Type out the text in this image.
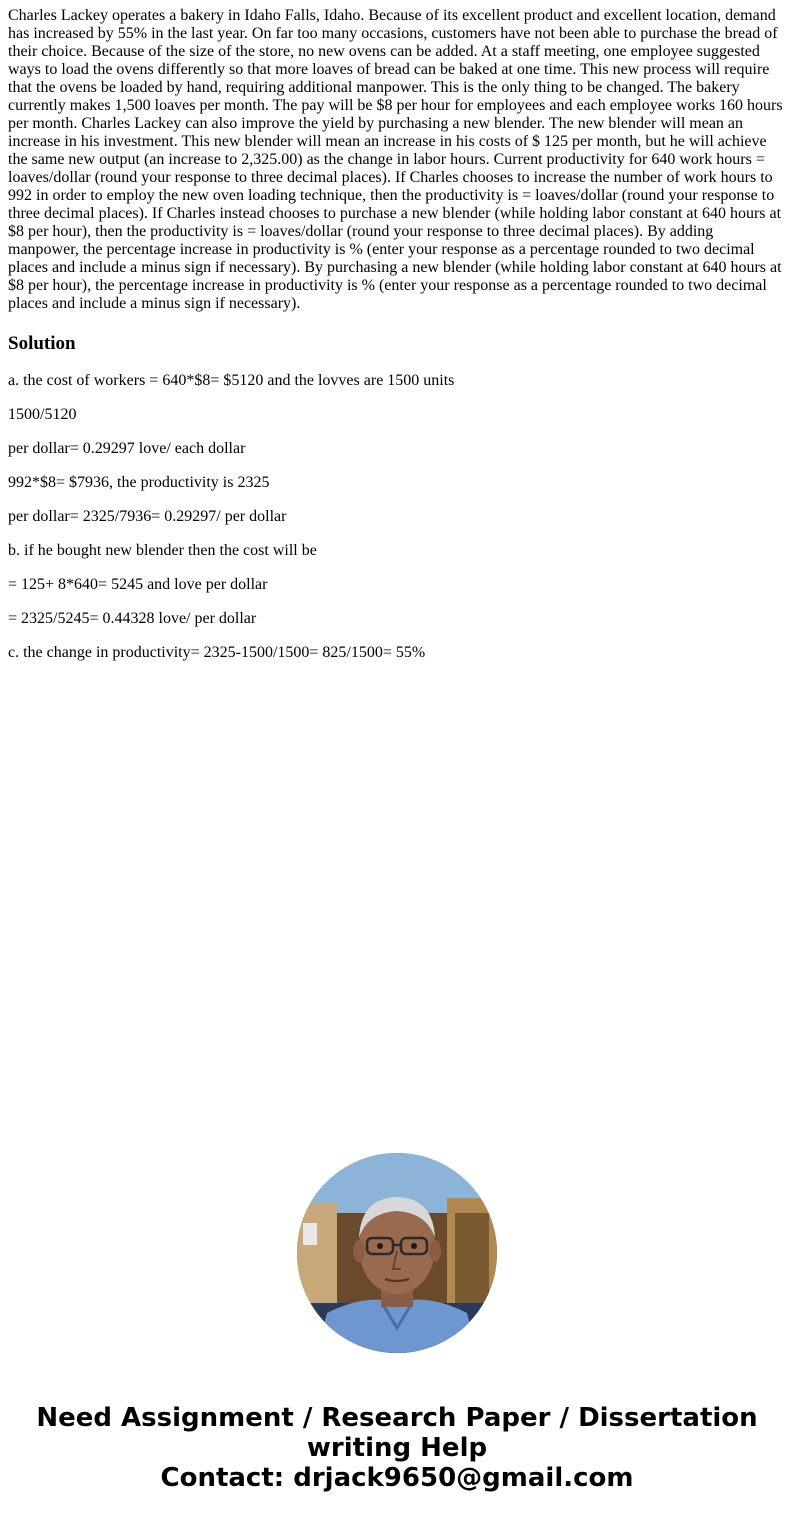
Charles Lackey operates a bakery in Idaho Falls, Idaho. Because of its excellent product and excellent location, demand has increased by 55% in the last year. On far too many occasions, customers have not been able to purchase the bread of their choice. Because of the size of the store, no new ovens can be added. At a staff meeting, one employee suggested ways to load the ovens differently so that more loaves of bread can be baked at one time. This new process will require that the ovens be loaded by hand, requiring additional manpower. This is the only thing to be changed. The bakery currently makes 1,500 loaves per month. The pay will be $8 per hour for employees and each employee works 160 hours per month. Charles Lackey can also improve the yield by purchasing a new blender. The new blender will mean an increase in his investment. This new blender will mean an increase in his costs of $ 125 per month, but he will achieve the same new output (an increase to 2,325.00) as the change in labor hours. Current productivity for 640 work hours = loaves/dollar (round your response to three decimal places). If Charles chooses to increase the number of work hours to 992 in order to employ the new oven loading technique, then the productivity is = loaves/dollar (round your response to three decimal places). If Charles instead chooses to purchase a new blender (while holding labor constant at 640 hours at $8 per hour), then the productivity is = loaves/dollar (round your response to three decimal places). By adding manpower, the percentage increase in productivity is % (enter your response as a percentage rounded to two decimal places and include a minus sign if necessary). By purchasing a new blender (while holding labor constant at 640 hours at $8 per hour), the percentage increase in productivity is % (enter your response as a percentage rounded to two decimal places and include a minus sign if necessary).

Solution
a. the cost of workers = 640*$8= $5120 and the lovves are 1500 units
1500/5120
per dollar= 0.29297 love/ each dollar
992*$8= $7936, the productivity is 2325
per dollar= 2325/7936= 0.29297/ per dollar
b. if he bought new blender then the cost will be
= 125+ 8*640= 5245 and love per dollar
= 2325/5245= 0.44328 love/ per dollar
c. the change in productivity= 2325-1500/1500= 825/1500= 55%
Need Assignment / Research Paper / Dissertation
writing Help
Contact: drjack9650@gmail.com
